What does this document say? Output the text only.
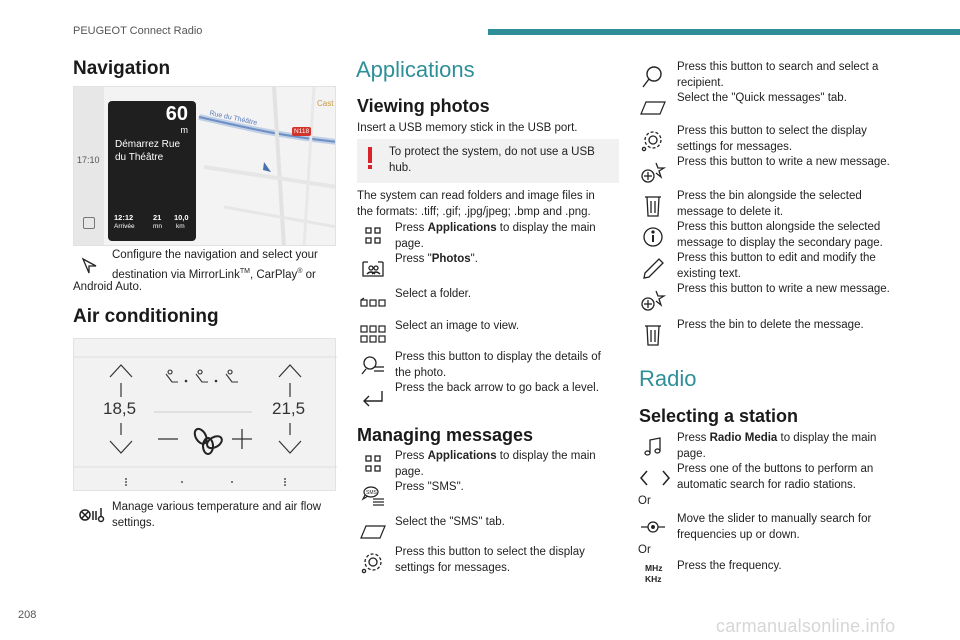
PEUGEOT Connect Radio
Navigation
17:10
60
m
Démarrez Rue
du Théâtre
12:12
Arrivée
21
mn
10,0
km
Rue du Théâtre
N118
Cast
Configure the navigation and select your
destination via MirrorLink™, CarPlay® or
Android Auto.
Air conditioning
18,5	21,5
Manage various temperature and air flow
settings.
Applications
Viewing photos
Insert a USB memory stick in the USB port.
To protect the system, do not use a USB
hub.
The system can read folders and image files in
the formats: .tiff; .gif; .jpg/jpeg; .bmp and .png.
Press Applications to display the main
page.
Press "Photos".
Select a folder.
Select an image to view.
Press this button to display the details of
the photo.
Press the back arrow to go back a level.
Managing messages
Press Applications to display the main
page.
Press "SMS".
SMS
Select the "SMS" tab.
Press this button to select the display
settings for messages.
Press this button to search and select a
recipient.
Select the "Quick messages" tab.
Press this button to select the display
settings for messages.
Press this button to write a new message.
Press the bin alongside the selected
message to delete it.
Press this button alongside the selected
message to display the secondary page.
Press this button to edit and modify the
existing text.
Press this button to write a new message.
Press the bin to delete the message.
Radio
Selecting a station
Press Radio Media to display the main
page.
Press one of the buttons to perform an
automatic search for radio stations.
Or
Move the slider to manually search for
frequencies up or down.
Or
MHz
KHz
Press the frequency.
208
carmanualsonline.info
